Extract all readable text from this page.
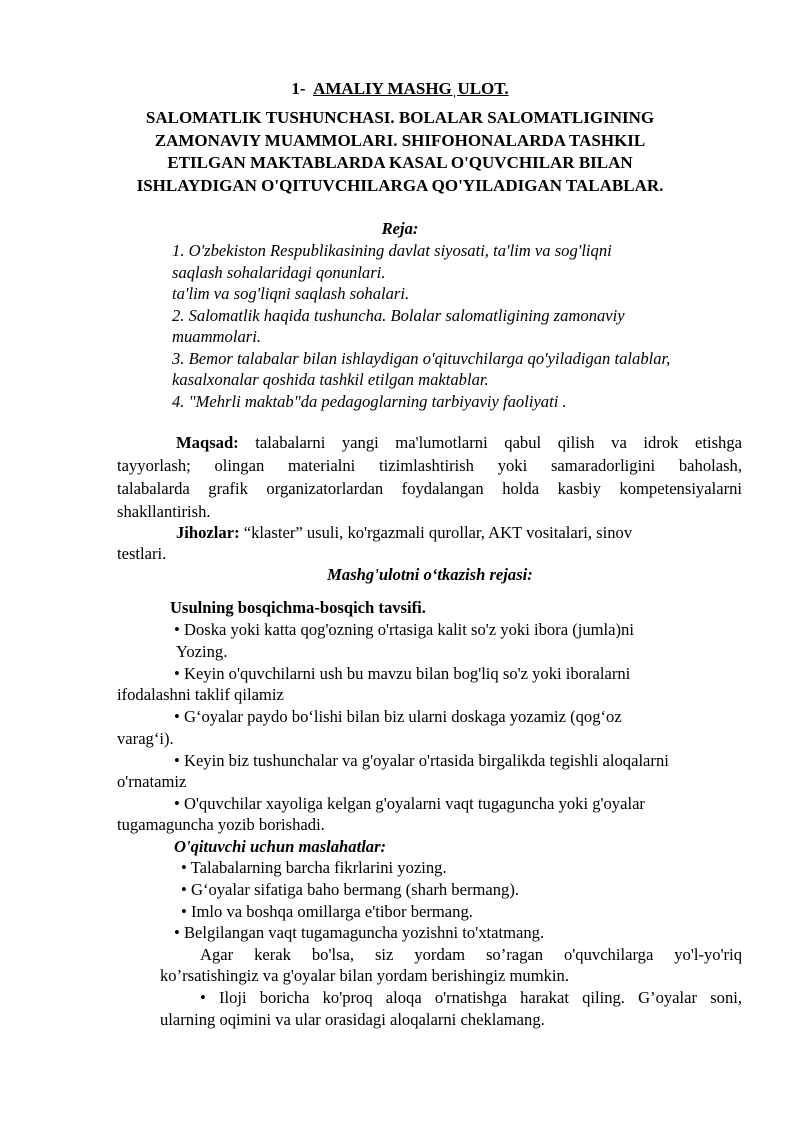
1- AMALIY MASHGˌULOT.
SALOMATLIK TUSHUNCHASI. BOLALAR SALOMATLIGINING ZAMONAVIY MUAMMOLARI. SHIFOHONALARDA TASHKIL ETILGAN MAKTABLARDA KASAL O'QUVCHILAR BILAN ISHLAYDIGAN O'QITUVCHILARGA QO'YILADIGAN TALABLAR.
Reja:
1. O'zbekiston Respublikasining davlat siyosati, ta'lim va sog'liqni
saqlash sohalaridagi qonunlari.
ta'lim va sog'liqni saqlash sohalari.
2. Salomatlik haqida tushuncha. Bolalar salomatligining zamonaviy
muammolari.
3. Bemor talabalar bilan ishlaydigan o'qituvchilarga qo'yiladigan talablar,
kasalxonalar qoshida tashkil etilgan maktablar.
4. "Mehrli maktab"da pedagoglarning tarbiyaviy faoliyati .
Maqsad: talabalarni yangi ma'lumotlarni qabul qilish va idrok etishga
tayyorlash; olingan materialni tizimlashtirish yoki samaradorligini baholash,
talabalarda grafik organizatorlardan foydalangan holda kasbiy kompetensiyalarni
shakllantirish.
Jihozlar: “klaster” usuli, ko'rgazmali qurollar, AKT vositalari, sinov
testlari.
Mashg'ulotni o‘tkazish rejasi:
Usulning bosqichma-bosqich tavsifi.
• Doska yoki katta qog'ozning o'rtasiga kalit so'z yoki ibora (jumla)ni
Yozing.
• Keyin o'quvchilarni ush bu mavzu bilan bog'liq so'z yoki iboralarni
ifodalashni taklif qilamiz
• G‘oyalar paydo bo‘lishi bilan biz ularni doskaga yozamiz (qog‘oz
varag‘i).
• Keyin biz tushunchalar va g'oyalar o'rtasida birgalikda tegishli aloqalarni
o'rnatamiz
• O'quvchilar xayoliga kelgan g'oyalarni vaqt tugaguncha yoki g'oyalar
tugamaguncha yozib borishadi.
O'qituvchi uchun maslahatlar:
• Talabalarning barcha fikrlarini yozing.
• G‘oyalar sifatiga baho bermang (sharh bermang).
• Imlo va boshqa omillarga e'tibor bermang.
• Belgilangan vaqt tugamaguncha yozishni to'xtatmang.
Agar kerak bo'lsa, siz yordam so’ragan o'quvchilarga yo'l-yo'riq
ko’rsatishingiz va g'oyalar bilan yordam berishingiz mumkin.
• Iloji boricha ko'proq aloqa o'rnatishga harakat qiling. G’oyalar soni,
ularning oqimini va ular orasidagi aloqalarni cheklamang.
